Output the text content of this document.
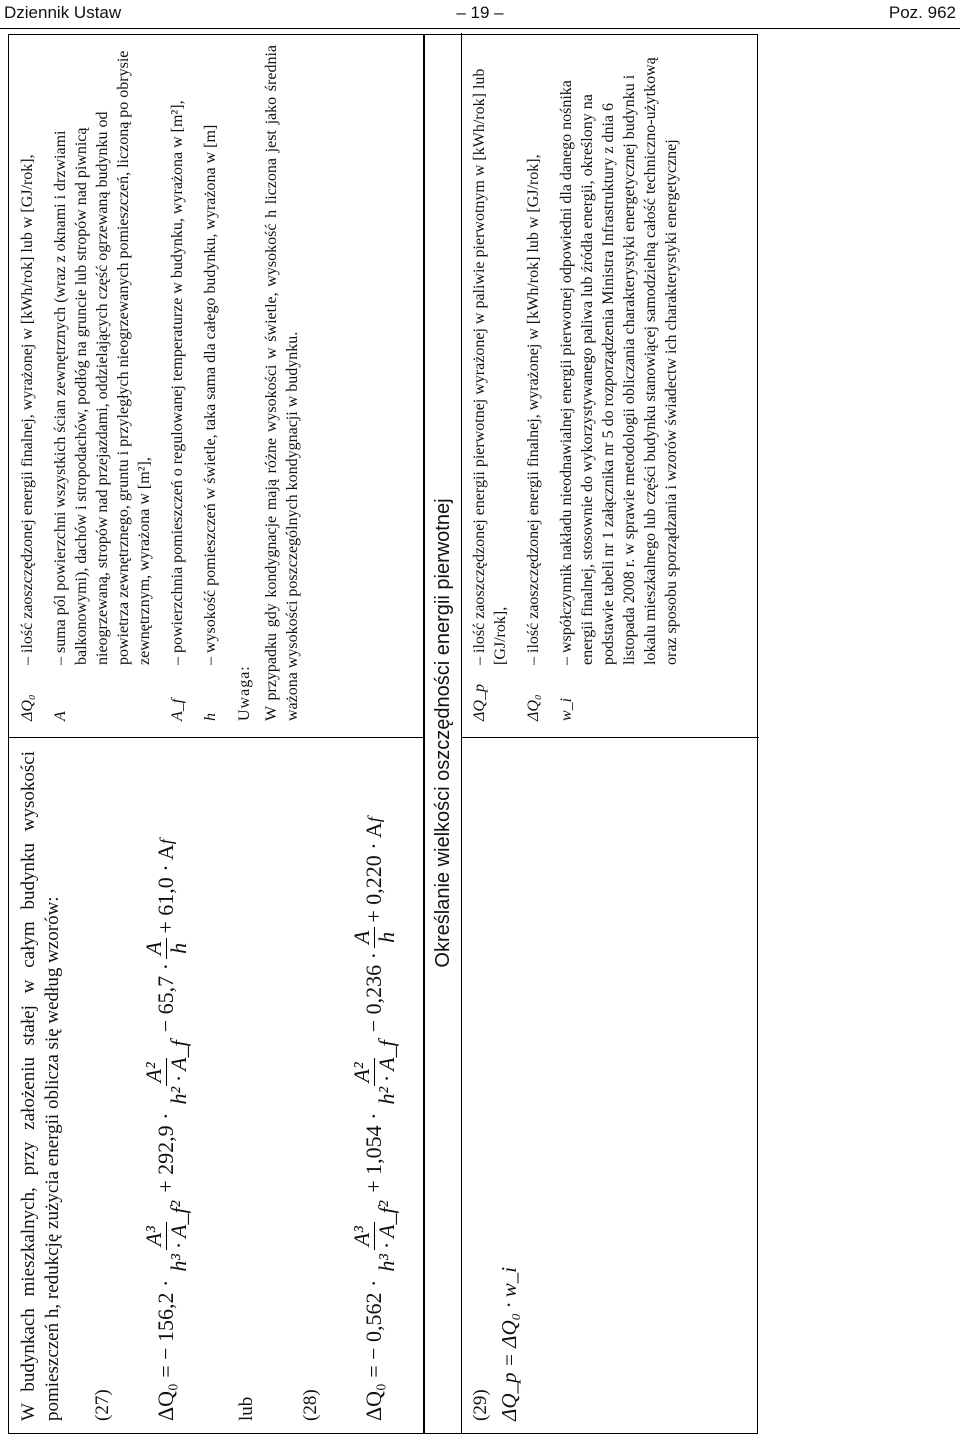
Dziennik Ustaw	– 19 –	Poz. 962

W budynkach mieszkalnych, przy założeniu stałej w całym budynku wysokości pomieszczeń h, redukcję zużycia energii oblicza się według wzorów: (27) ΔQ₀ = − 156,2 ·
A³ h³ · A_f²
+ 292,9 ·
A² h² · A_f
− 65,7 ·
A h
+ 61,0 · A
f
lub (28) ΔQ₀ = − 0,562 ·
A³ h³ · A_f²
+ 1,054 ·
A² h² · A_f
− 0,236 ·
A h
+ 0,220 · A
f
ΔQ₀
– ilość zaoszczędzonej energii finalnej, wyrażonej w [kWh/rok] lub w [GJ/rok],
A
– suma pól powierzchni wszystkich ścian zewnętrznych (wraz z oknami i drzwiami balkonowymi), dachów i stropodachów, podłóg na gruncie lub stropów nad piwnicą nieogrzewaną, stropów nad przejazdami, oddzielających część ogrzewaną budynku od powietrza zewnętrznego, gruntu i przyległych nieogrzewanych pomieszczeń, liczoną po obrysie zewnętrznym, wyrażona w [m²],
A_f
– powierzchnia pomieszczeń o regulowanej temperaturze w budynku, wyrażona w [m²],
h
– wysokość pomieszczeń w świetle, taka sama dla całego budynku, wyrażona w [m]
Uwaga: W przypadku gdy kondygnacje mają różne wysokości w świetle, wysokość h liczona jest jako średnia ważona wysokości poszczególnych kondygnacji w budynku.	Określanie wielkości oszczędności energii pierwotnej
(29) ΔQ_p = ΔQ₀ · w_i
ΔQ_p
– ilość zaoszczędzonej energii pierwotnej wyrażonej w paliwie pierwotnym w [kWh/rok] lub [GJ/rok],
ΔQ₀
– ilość zaoszczędzonej energii finalnej, wyrażonej w [kWh/rok] lub w [GJ/rok],
w_i
– współczynnik nakładu nieodnawialnej energii pierwotnej odpowiedni dla danego nośnika energii finalnej, stosownie do wykorzystywanego paliwa lub źródła energii, określony na podstawie tabeli nr 1 załącznika nr 5 do rozporządzenia Ministra Infrastruktury z dnia 6 listopada 2008 r. w sprawie metodologii obliczania charakterystyki energetycznej budynku i lokalu mieszkalnego lub części budynku stanowiącej samodzielną całość techniczno-użytkową oraz sposobu sporządzania i wzorów świadectw ich charakterystyki energetycznej
